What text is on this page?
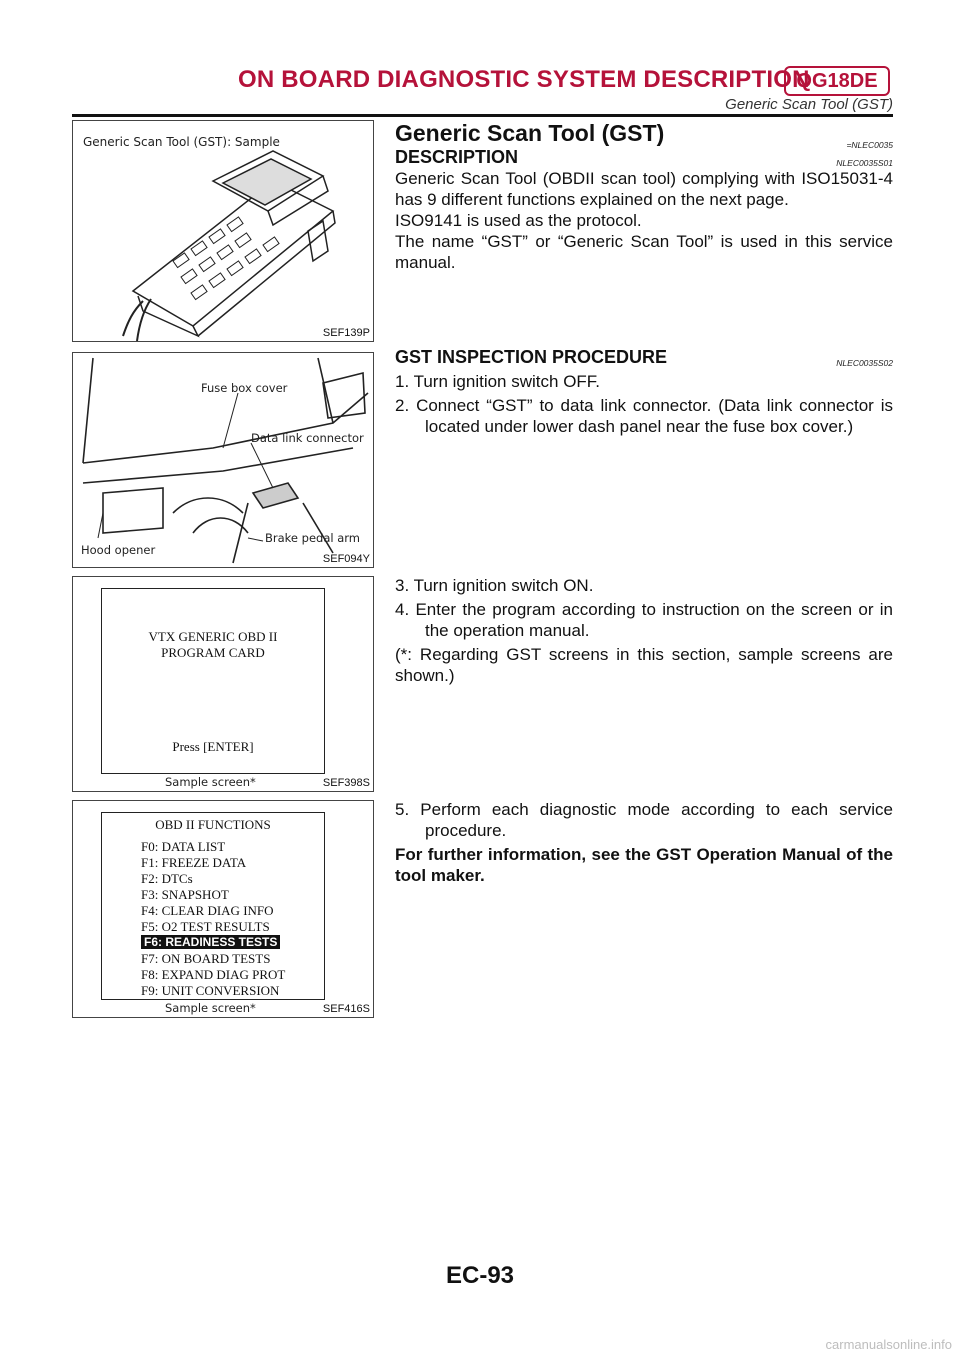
ON BOARD DIAGNOSTIC SYSTEM DESCRIPTION
QG18DE
Generic Scan Tool (GST)
Generic Scan Tool (GST): Sample
SEF139P
Fuse box cover
Data link connector
Hood opener
Brake pedal arm
SEF094Y
VTX GENERIC OBD II
PROGRAM CARD
Press [ENTER]
Sample screen*	SEF398S
OBD II FUNCTIONS
F0: DATA LIST
F1: FREEZE DATA
F2: DTCs
F3: SNAPSHOT
F4: CLEAR DIAG INFO
F5: O2 TEST RESULTS
F6: READINESS TESTS
F7: ON BOARD TESTS
F8: EXPAND DIAG PROT
F9: UNIT CONVERSION
Sample screen*	SEF416S
Generic Scan Tool (GST)	=NLEC0035
DESCRIPTION	NLEC0035S01

Generic Scan Tool (OBDII scan tool) complying with ISO15031-4 has 9 different functions explained on the next page.

ISO9141 is used as the protocol.

The name “GST” or “Generic Scan Tool” is used in this service manual.

GST INSPECTION PROCEDURE	NLEC0035S02

1. Turn ignition switch OFF.

2. Connect “GST” to data link connector. (Data link connector is located under lower dash panel near the fuse box cover.)

3. Turn ignition switch ON.

4. Enter the program according to instruction on the screen or in the operation manual.

(*: Regarding GST screens in this section, sample screens are shown.)

5. Perform each diagnostic mode according to each service procedure.

For further information, see the GST Operation Manual of the tool maker.

EC-93
carmanualsonline.info
